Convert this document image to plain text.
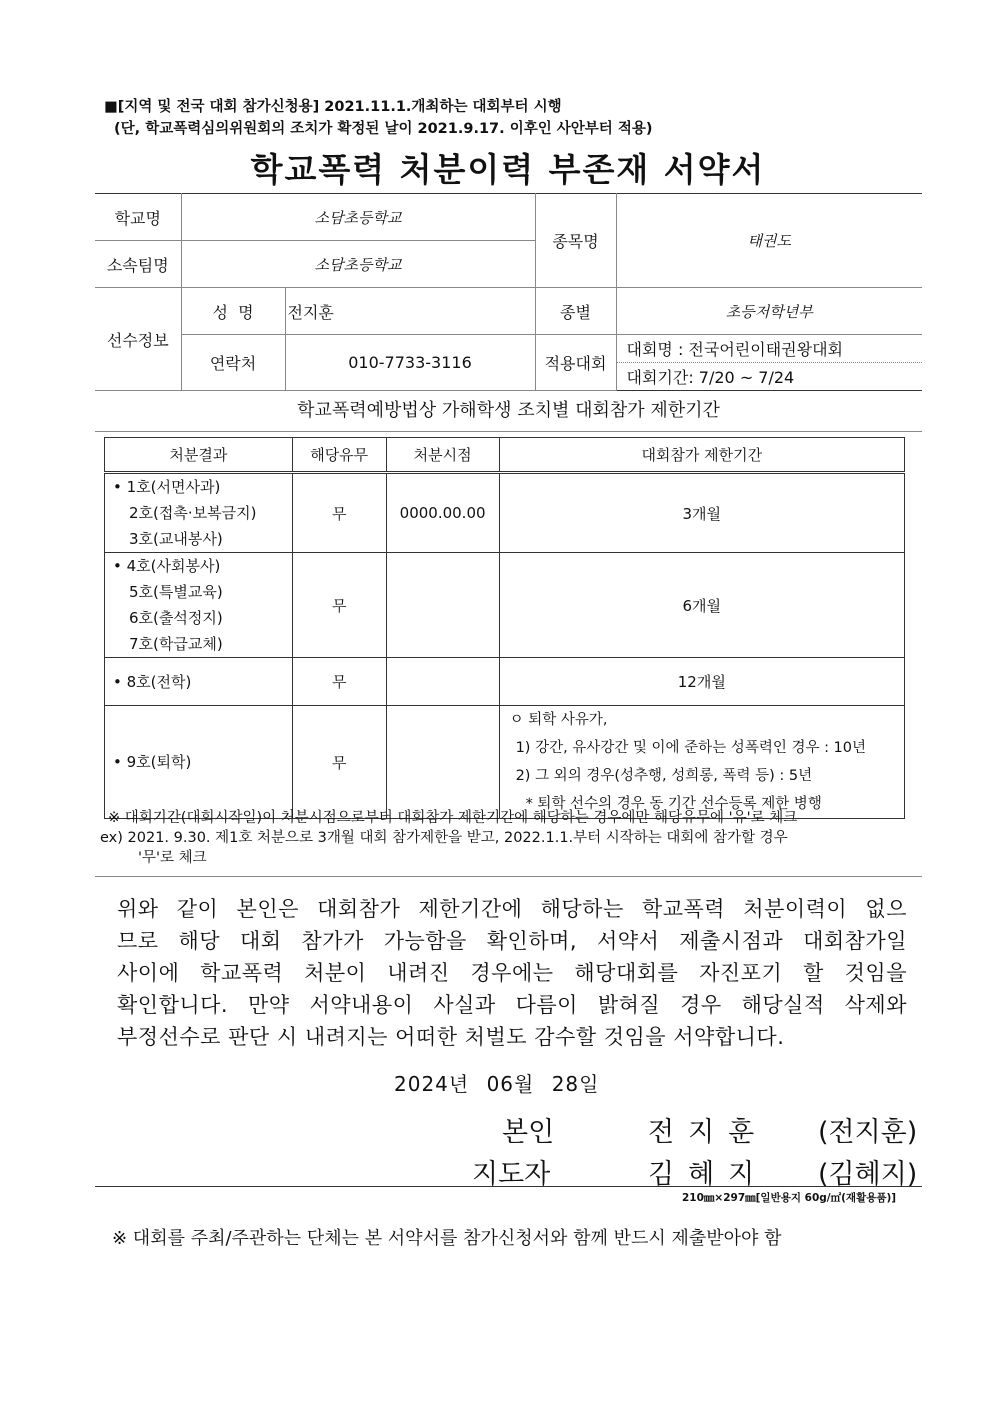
■[지역 및 전국 대회 참가신청용] 2021.11.1.개최하는 대회부터 시행
(단, 학교폭력심의위원회의 조치가 확정된 날이 2021.9.17. 이후인 사안부터 적용)
학교폭력 처분이력 부존재 서약서
학교명	소담초등학교		종목명	태권도
소속팀명	소담초등학교			
선수정보	성  명	전지훈	종별	초등저학년부
	연락처	010-7733-3116	적용대회	대회명 : 전국어린이태권왕대회
				대회기간: 7/20 ~ 7/24
학교폭력예방법상 가해학생 조치별 대회참가 제한기간
처분결과	해당유무	처분시점	대회참가 제한기간

• 1호(서면사과)
2호(접촉·보복금지)
3호(교내봉사)	무	0000.00.00	3개월

• 4호(사회봉사)
5호(특별교육)
6호(출석정지)
7호(학급교체)	무		6개월

• 8호(전학)	무		12개월

• 9호(퇴학)	무		ㅇ 퇴학 사유가,
1) 강간, 유사강간 및 이에 준하는 성폭력인 경우 : 10년
2) 그 외의 경우(성추행, 성희롱, 폭력 등) : 5년
* 퇴학 선수의 경우 동 기간 선수등록 제한 병행
※ 대회기간(대회시작일)이 처분시점으로부터 대회참가 제한기간에 해당하는 경우에만 해당유무에 '유'로 체크
ex) 2021. 9.30. 제1호 처분으로 3개월 대회 참가제한을 받고, 2022.1.1.부터 시작하는 대회에 참가할 경우
'무'로 체크
위와 같이 본인은 대회참가 제한기간에 해당하는 학교폭력 처분이력이 없으
므로 해당 대회 참가가 가능함을 확인하며, 서약서 제출시점과 대회참가일
사이에 학교폭력 처분이 내려진 경우에는 해당대회를 자진포기 할 것임을
확인합니다. 만약 서약내용이 사실과 다름이 밝혀질 경우 해당실적 삭제와
부정선수로 판단 시 내려지는 어떠한 처벌도 감수할 것임을 서약합니다.
2024년 06월 28일
본인	전지훈 (전지훈)
지도자	김혜지 (김혜지)
210㎜×297㎜[일반용지 60g/㎡(재활용품)]
※ 대회를 주최/주관하는 단체는 본 서약서를 참가신청서와 함께 반드시 제출받아야 함
